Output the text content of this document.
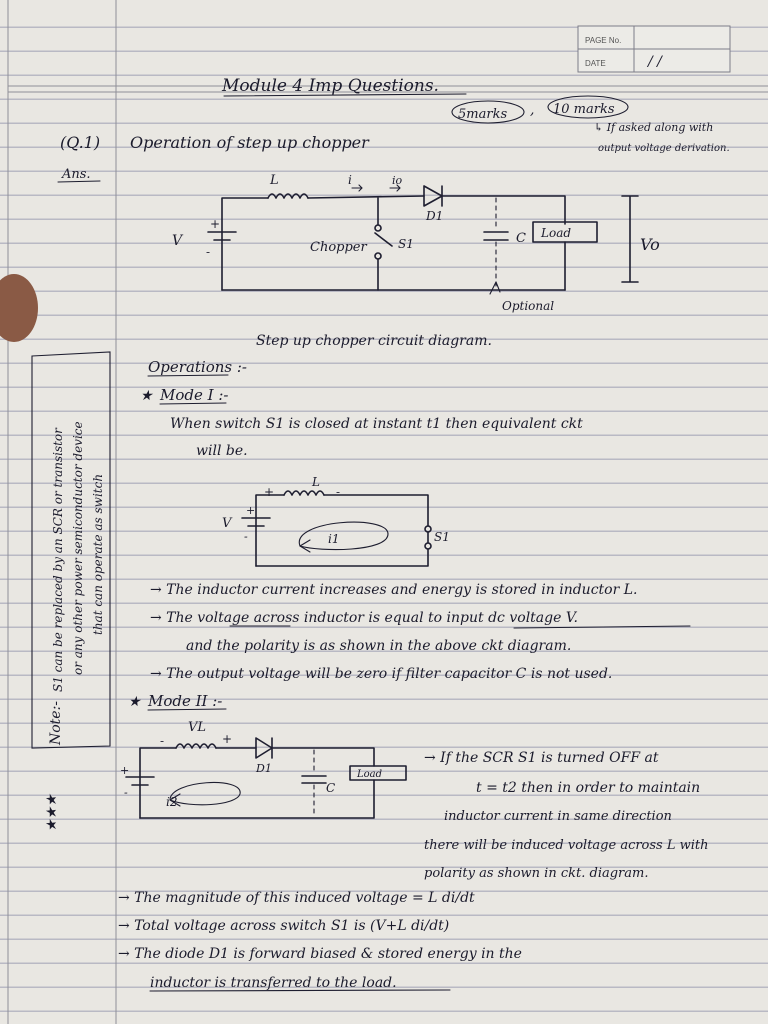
PAGE No.
DATE	/ /
Module 4 Imp Questions.
5marks , 10 marks
↳ If asked along with
output voltage derivation.
(Q.1) Operation of step up chopper
Ans.	L	i	io
D1
V
+
-	Chopper	S1	C Load
Vo
Optional
Step up chopper circuit diagram.
Operations :-
★ Mode I :-
When switch S1 is closed at instant t1 then equivalent ckt
will be.
L
+	-
V
+
-	i1	S1
→ The inductor current increases and energy is stored in inductor L.
→ The voltage across inductor is equal to input dc voltage V.
and the polarity is as shown in the above ckt diagram.
→ The output voltage will be zero if filter capacitor C is not used.
Note:-
S1 can be replaced by an SCR or transistor or any other power semiconductor device that can operate as switch
★★★
★ Mode II :-
VL
-	+
D1
+
-
i2
C
Load
→ If the SCR S1 is turned OFF at
t = t2 then in order to maintain
inductor current in same direction
there will be induced voltage across L with
polarity as shown in ckt. diagram.
→ The magnitude of this induced voltage = L di/dt
→ Total voltage across switch S1 is (V+L di/dt)
→ The diode D1 is forward biased & stored energy in the
inductor is transferred to the load.
